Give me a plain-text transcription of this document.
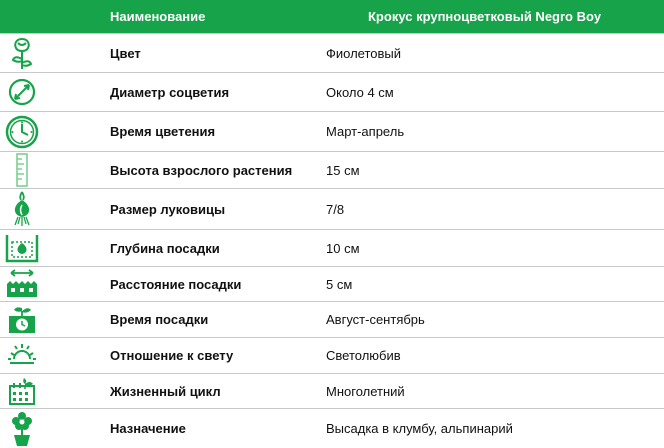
Наименование	Крокус крупноцветковый Negro Boy
Цвет	Фиолетовый
Диаметр соцветия	Около 4 см
Время цветения	Март-апрель
Высота взрослого растения	15 см
Размер луковицы	7/8
Глубина посадки	10 см
Расстояние посадки	5 см
Время посадки	Август-сентябрь
Отношение к свету	Светолюбив
Жизненный цикл	Многолетний
Назначение	Высадка в клумбу, альпинарий
